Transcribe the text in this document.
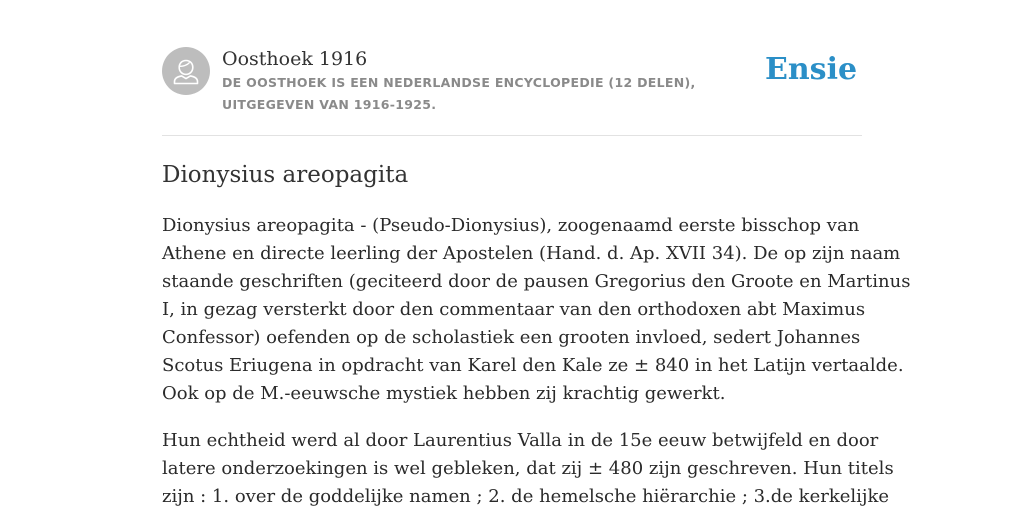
Oosthoek 1916

DE OOSTHOEK IS EEN NEDERLANDSE ENCYCLOPEDIE (12 DELEN), UITGEGEVEN VAN 1916-1925.

Ensie
Dionysius areopagita

Dionysius areopagita - (Pseudo-Dionysius), zoogenaamd eerste bisschop van
Athene en directe leerling der Apostelen (Hand. d. Ap. XVII 34). De op zijn naam
staande geschriften (geciteerd door de pausen Gregorius den Groote en Martinus
I, in gezag versterkt door den commentaar van den orthodoxen abt Maximus
Confessor) oefenden op de scholastiek een grooten invloed, sedert Johannes
Scotus Eriugena in opdracht van Karel den Kale ze ± 840 in het Latijn vertaalde.
Ook op de M.-eeuwsche mystiek hebben zij krachtig gewerkt.

Hun echtheid werd al door Laurentius Valla in de 15e eeuw betwijfeld en door
latere onderzoekingen is wel gebleken, dat zij ± 480 zijn geschreven. Hun titels
zijn : 1. over de goddelijke namen ; 2. de hemelsche hiërarchie ; 3.de kerkelijke
